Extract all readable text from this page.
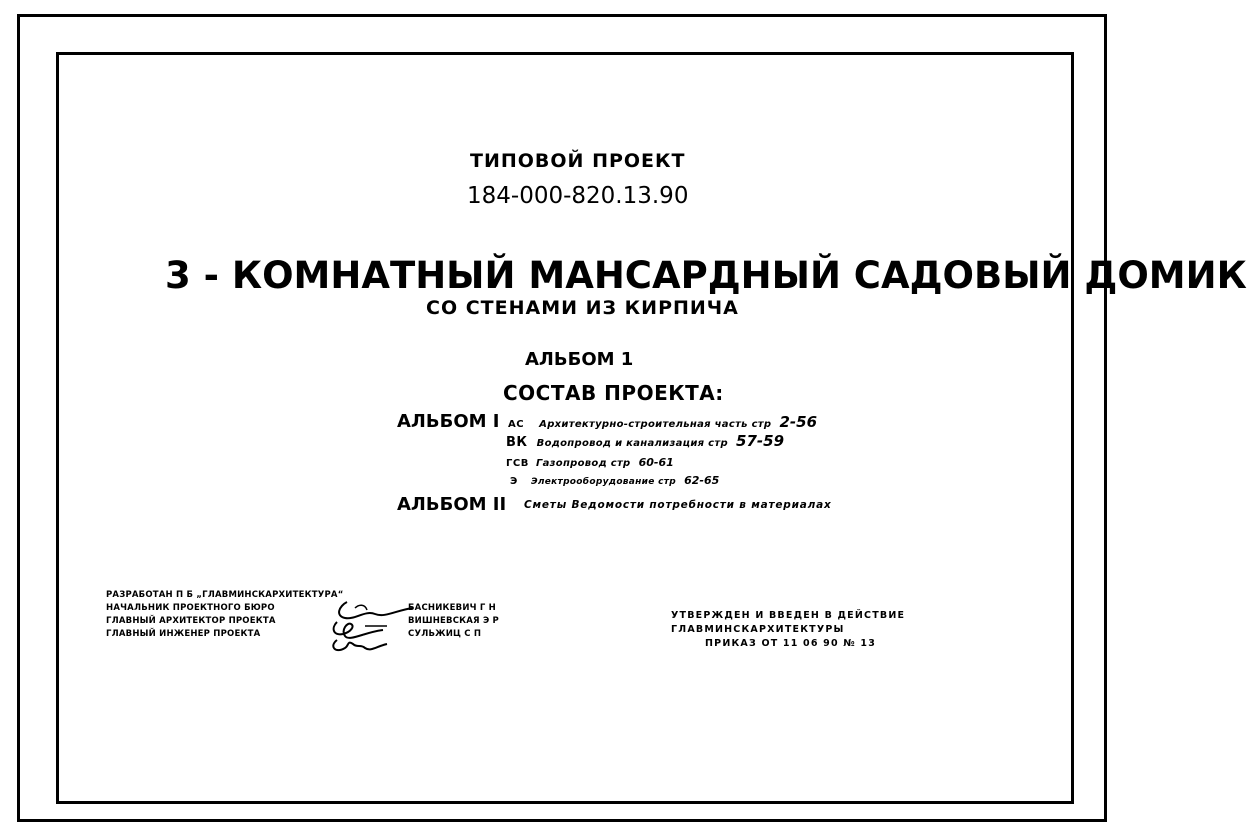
ТИПОВОЙ ПРОЕКТ
184-000-820.13.90
3 - КОМНАТНЫЙ МАНСАРДНЫЙ САДОВЫЙ ДОМИК
СО СТЕНАМИ ИЗ КИРПИЧА
АЛЬБОМ 1
СОСТАВ ПРОЕКТА:
АЛЬБОМ I АС Архитектурно-строительная часть стр 2-56
ВК Водопровод и канализация стр 57-59
ГСВ Газопровод стр 60-61
Э Электрооборудование стр 62-65
АЛЬБОМ II Сметы Ведомости потребности в материалах
РАЗРАБОТАН П Б „ГЛАВМИНСКАРХИТЕКТУРА“
НАЧАЛЬНИК ПРОЕКТНОГО БЮРО
ГЛАВНЫЙ АРХИТЕКТОР ПРОЕКТА
ГЛАВНЫЙ ИНЖЕНЕР ПРОЕКТА
БАСНИКЕВИЧ Г Н
ВИШНЕВСКАЯ Э Р
СУЛЬЖИЦ С П
УТВЕРЖДЕН И ВВЕДЕН В ДЕЙСТВИЕ
ГЛАВМИНСКАРХИТЕКТУРЫ
ПРИКАЗ ОТ 11 06 90 № 13
